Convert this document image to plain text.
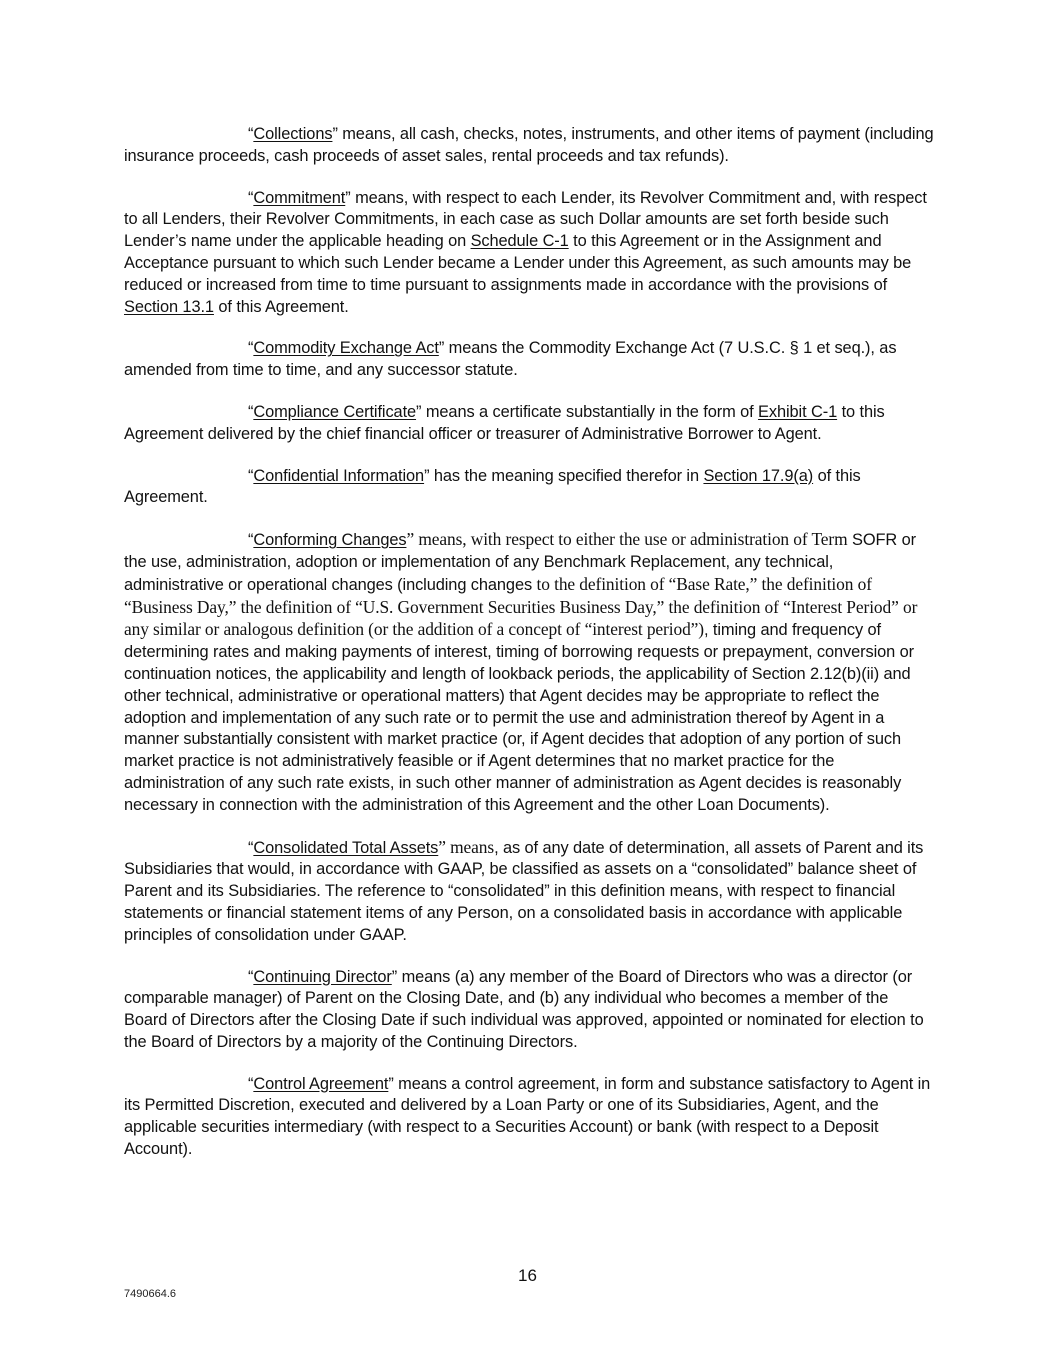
“Collections” means, all cash, checks, notes, instruments, and other items of payment (including insurance proceeds, cash proceeds of asset sales, rental proceeds and tax refunds).

“Commitment” means, with respect to each Lender, its Revolver Commitment and, with respect to all Lenders, their Revolver Commitments, in each case as such Dollar amounts are set forth beside such Lender’s name under the applicable heading on Schedule C-1 to this Agreement or in the Assignment and Acceptance pursuant to which such Lender became a Lender under this Agreement, as such amounts may be reduced or increased from time to time pursuant to assignments made in accordance with the provisions of Section 13.1 of this Agreement.

“Commodity Exchange Act” means the Commodity Exchange Act (7 U.S.C. § 1 et seq.), as amended from time to time, and any successor statute.

“Compliance Certificate” means a certificate substantially in the form of Exhibit C-1 to this Agreement delivered by the chief financial officer or treasurer of Administrative Borrower to Agent.

“Confidential Information” has the meaning specified therefor in Section 17.9(a) of this Agreement.

“Conforming Changes” means, with respect to either the use or administration of Term SOFR or the use, administration, adoption or implementation of any Benchmark Replacement, any technical, administrative or operational changes (including changes to the definition of “Base Rate,” the definition of “Business Day,” the definition of “U.S. Government Securities Business Day,” the definition of “Interest Period” or any similar or analogous definition (or the addition of a concept of “interest period”), timing and frequency of determining rates and making payments of interest, timing of borrowing requests or prepayment, conversion or continuation notices, the applicability and length of lookback periods, the applicability of Section 2.12(b)(ii) and other technical, administrative or operational matters) that Agent decides may be appropriate to reflect the adoption and implementation of any such rate or to permit the use and administration thereof by Agent in a manner substantially consistent with market practice (or, if Agent decides that adoption of any portion of such market practice is not administratively feasible or if Agent determines that no market practice for the administration of any such rate exists, in such other manner of administration as Agent decides is reasonably necessary in connection with the administration of this Agreement and the other Loan Documents).

“Consolidated Total Assets” means, as of any date of determination, all assets of Parent and its Subsidiaries that would, in accordance with GAAP, be classified as assets on a “consolidated” balance sheet of Parent and its Subsidiaries. The reference to “consolidated” in this definition means, with respect to financial statements or financial statement items of any Person, on a consolidated basis in accordance with applicable principles of consolidation under GAAP.

“Continuing Director” means (a) any member of the Board of Directors who was a director (or comparable manager) of Parent on the Closing Date, and (b) any individual who becomes a member of the Board of Directors after the Closing Date if such individual was approved, appointed or nominated for election to the Board of Directors by a majority of the Continuing Directors.

“Control Agreement” means a control agreement, in form and substance satisfactory to Agent in its Permitted Discretion, executed and delivered by a Loan Party or one of its Subsidiaries, Agent, and the applicable securities intermediary (with respect to a Securities Account) or bank (with respect to a Deposit Account).

16
7490664.6
